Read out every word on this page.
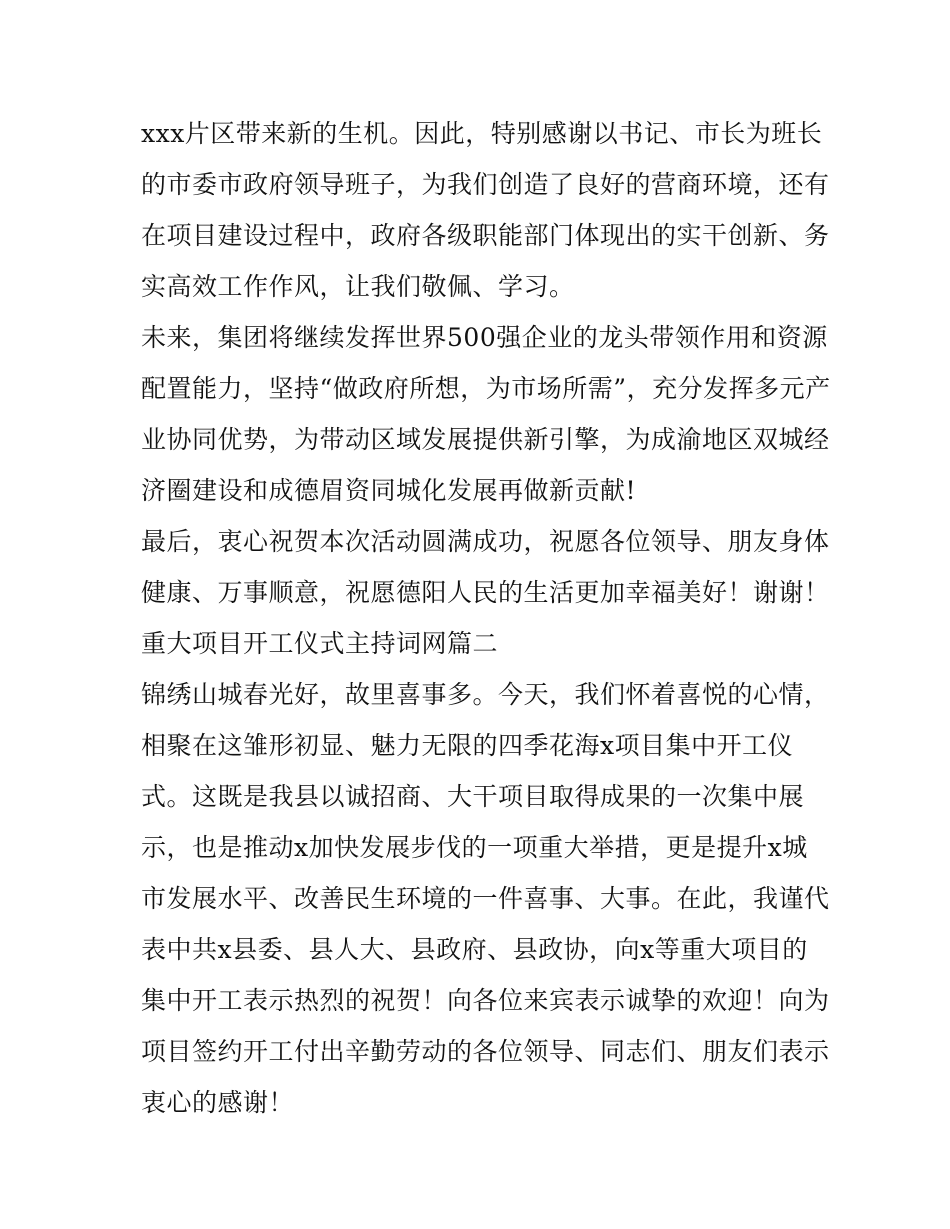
xxx片区带来新的生机。因此，特别感谢以书记、市长为班长
的市委市政府领导班子，为我们创造了良好的营商环境，还有
在项目建设过程中，政府各级职能部门体现出的实干创新、务
实高效工作作风，让我们敬佩、学习。
未来，集团将继续发挥世界500强企业的龙头带领作用和资源
配置能力，坚持“做政府所想，为市场所需”，充分发挥多元产
业协同优势，为带动区域发展提供新引擎，为成渝地区双城经
济圈建设和成德眉资同城化发展再做新贡献!
最后，衷心祝贺本次活动圆满成功，祝愿各位领导、朋友身体
健康、万事顺意，祝愿德阳人民的生活更加幸福美好！谢谢！
重大项目开工仪式主持词网篇二
锦绣山城春光好，故里喜事多。今天，我们怀着喜悦的心情，
相聚在这雏形初显、魅力无限的四季花海x项目集中开工仪
式。这既是我县以诚招商、大干项目取得成果的一次集中展
示，也是推动x加快发展步伐的一项重大举措，更是提升x城
市发展水平、改善民生环境的一件喜事、大事。在此，我谨代
表中共x县委、县人大、县政府、县政协，向x等重大项目的
集中开工表示热烈的祝贺！向各位来宾表示诚挚的欢迎！向为
项目签约开工付出辛勤劳动的各位领导、同志们、朋友们表示
衷心的感谢！
